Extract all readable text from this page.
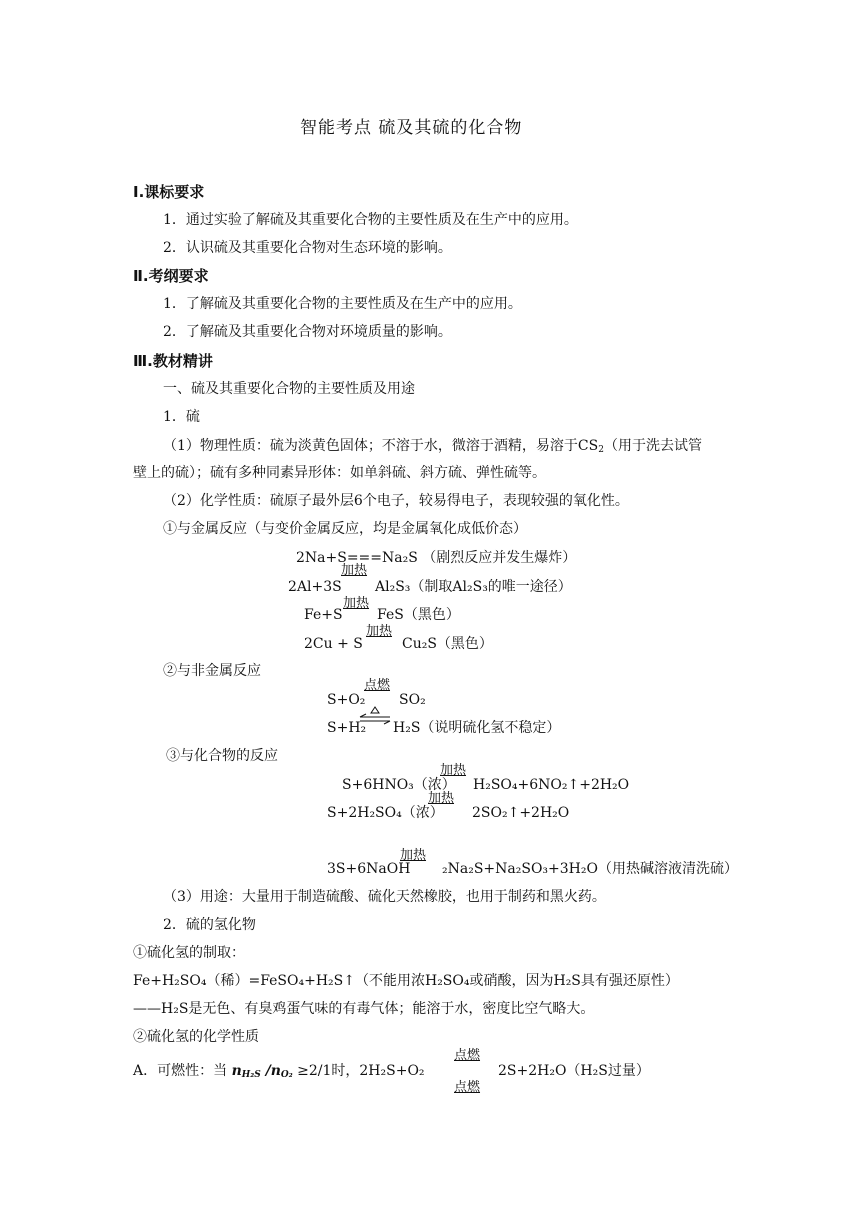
智能考点 硫及其硫的化合物
Ⅰ.课标要求
1．通过实验了解硫及其重要化合物的主要性质及在生产中的应用。
2．认识硫及其重要化合物对生态环境的影响。
Ⅱ.考纲要求
1．了解硫及其重要化合物的主要性质及在生产中的应用。
2．了解硫及其重要化合物对环境质量的影响。
Ⅲ.教材精讲
一、硫及其重要化合物的主要性质及用途
1．硫
（1）物理性质：硫为淡黄色固体；不溶于水，微溶于酒精，易溶于$CS_2$（用于洗去试管
壁上的硫）；硫有多种同素异形体：如单斜硫、斜方硫、弹性硫等。
（2）化学性质：硫原子最外层6个电子，较易得电子，表现较强的氧化性。
①与金属反应（与变价金属反应，均是金属氧化成低价态）
2Na+S===Na₂S （剧烈反应并发生爆炸）
2Al+3S
加热
Al₂S₃（制取Al₂S₃的唯一途径）
Fe+S
加热
FeS（黑色）
2Cu + S
加热
Cu₂S（黑色）
②与非金属反应
S+O₂
点燃
SO₂
S+H₂ H₂S（说明硫化氢不稳定）
③与化合物的反应
S+6HNO₃（浓）
加热
H₂SO₄+6NO₂↑+2H₂O
S+2H₂SO₄（浓）
加热
2SO₂↑+2H₂O
3S+6NaOH
加热
₂Na₂S+Na₂SO₃+3H₂O（用热碱溶液清洗硫）
（3）用途：大量用于制造硫酸、硫化天然橡胶，也用于制药和黑火药。
2．硫的氢化物
①硫化氢的制取：
Fe+H₂SO₄（稀）=FeSO₄+H₂S↑（不能用浓H₂SO₄或硝酸，因为H₂S具有强还原性）
——H₂S是无色、有臭鸡蛋气味的有毒气体；能溶于水，密度比空气略大。
②硫化氢的化学性质
A．可燃性：当 $n_{H_2S}$ $/n_{O_2} \ge 2/1$时，2H₂S+O₂
点燃
点燃
2S+2H₂O（H₂S过量）
